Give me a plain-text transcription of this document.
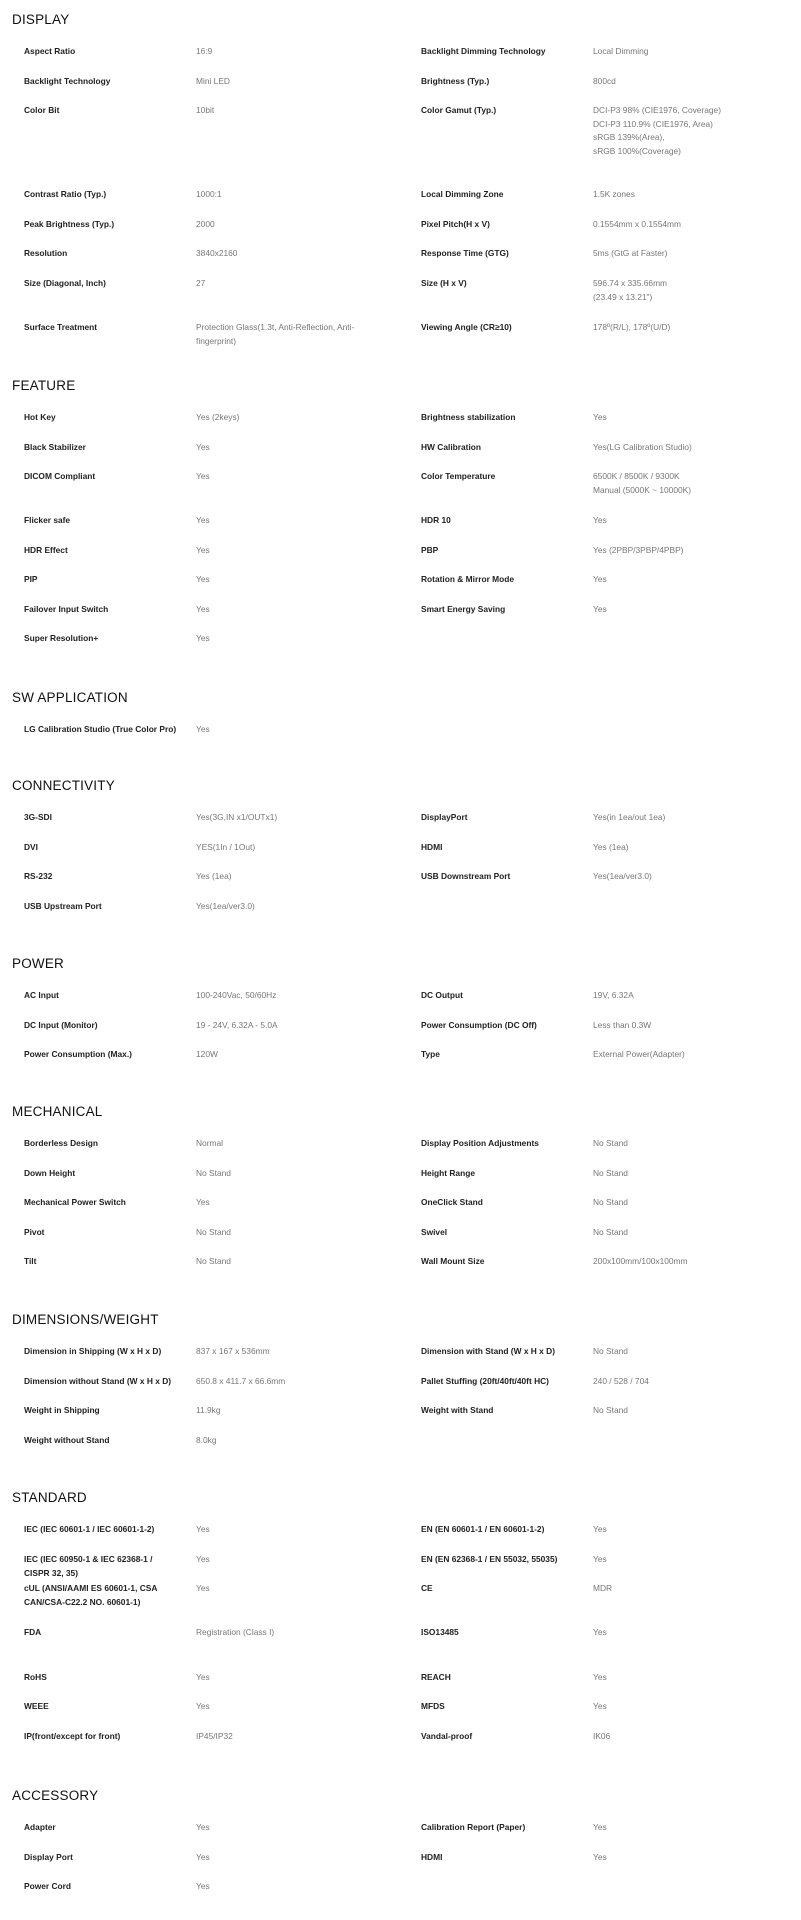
DISPLAY
Aspect Ratio	16:9	Backlight Dimming Technology	Local Dimming
Backlight Technology	Mini LED	Brightness (Typ.)	800cd
Color Bit	10bit	Color Gamut (Typ.)	DCI-P3 98% (CIE1976, Coverage)
DCI-P3 110.9% (CIE1976, Area)
sRGB 139%(Area),
sRGB 100%(Coverage)
Contrast Ratio (Typ.)	1000:1	Local Dimming Zone	1.5K zones
Peak Brightness (Typ.)	2000	Pixel Pitch(H x V)	0.1554mm x 0.1554mm
Resolution	3840x2160	Response Time (GTG)	5ms (GtG at Faster)
Size (Diagonal, Inch)	27	Size (H x V)	596.74 x 335.66mm
(23.49 x 13.21")
Surface Treatment	Protection Glass(1.3t, Anti-Reflection, Anti-
fingerprint)
Viewing Angle (CR≥10)	178º(R/L), 178º(U/D)
FEATURE
Hot Key	Yes (2keys)	Brightness stabilization	Yes
Black Stabilizer	Yes	HW Calibration	Yes(LG Calibration Studio)
DICOM Compliant	Yes	Color Temperature	6500K / 8500K / 9300K
Manual (5000K ~ 10000K)
Flicker safe	Yes	HDR 10	Yes
HDR Effect	Yes	PBP	Yes (2PBP/3PBP/4PBP)
PIP	Yes	Rotation & Mirror Mode	Yes
Failover Input Switch	Yes	Smart Energy Saving	Yes
Super Resolution+	Yes
SW APPLICATION
LG Calibration Studio (True Color Pro)	Yes
CONNECTIVITY
3G-SDI	Yes(3G,IN x1/OUTx1)	DisplayPort	Yes(in 1ea/out 1ea)
DVI	YES(1In / 1Out)	HDMI	Yes (1ea)
RS-232	Yes (1ea)	USB Downstream Port	Yes(1ea/ver3.0)
USB Upstream Port	Yes(1ea/ver3.0)
POWER
AC Input	100-240Vac, 50/60Hz	DC Output	19V, 6.32A
DC Input (Monitor)	19 - 24V, 6.32A - 5.0A	Power Consumption (DC Off)	Less than 0.3W
Power Consumption (Max.)	120W	Type	External Power(Adapter)
MECHANICAL
Borderless Design	Normal	Display Position Adjustments	No Stand
Down Height	No Stand	Height Range	No Stand
Mechanical Power Switch	Yes	OneClick Stand	No Stand
Pivot	No Stand	Swivel	No Stand
Tilt	No Stand	Wall Mount Size	200x100mm/100x100mm
DIMENSIONS/WEIGHT
Dimension in Shipping (W x H x D)	837 x 167 x 536mm	Dimension with Stand (W x H x D)	No Stand
Dimension without Stand (W x H x D)	650.8 x 411.7 x 66.6mm	Pallet Stuffing (20ft/40ft/40ft HC)	240 / 528 / 704
Weight in Shipping	11.9kg	Weight with Stand	No Stand
Weight without Stand	8.0kg
STANDARD
IEC (IEC 60601-1 / IEC 60601-1-2)	Yes	EN (EN 60601-1 / EN 60601-1-2)	Yes
IEC (IEC 60950-1 & IEC 62368-1 /
CISPR 32, 35)
Yes	EN (EN 62368-1 / EN 55032, 55035)	Yes
cUL (ANSI/AAMI ES 60601-1, CSA
CAN/CSA-C22.2 NO. 60601-1)
Yes	CE	MDR
FDA	Registration (Class I)	ISO13485	Yes
RoHS	Yes	REACH	Yes
WEEE	Yes	MFDS	Yes
IP(front/except for front)	IP45/IP32	Vandal-proof	IK06
ACCESSORY
Adapter	Yes	Calibration Report (Paper)	Yes
Display Port	Yes	HDMI	Yes
Power Cord	Yes
